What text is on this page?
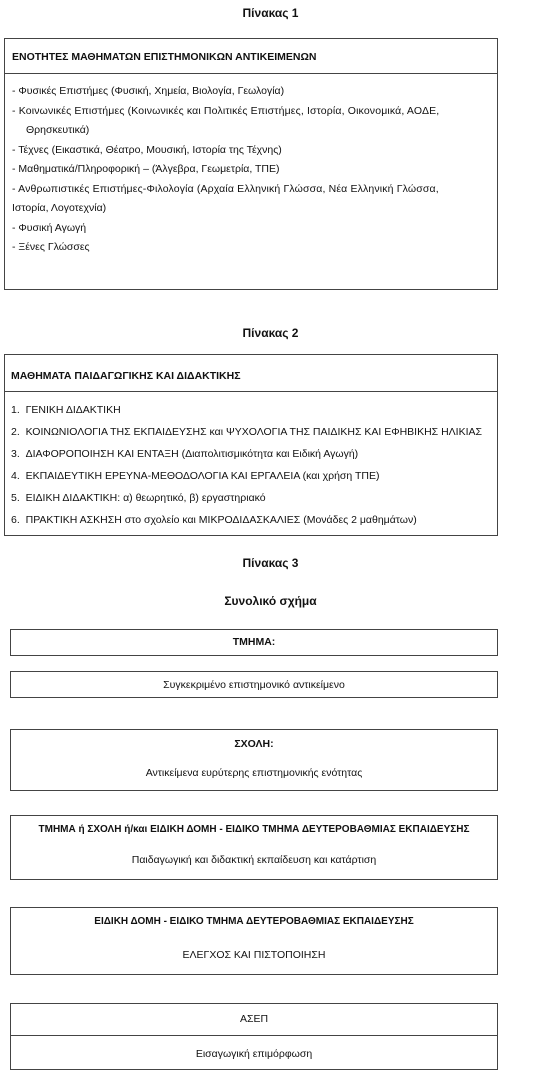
Πίνακας 1
ΕΝΟΤΗΤΕΣ ΜΑΘΗΜΑΤΩΝ ΕΠΙΣΤΗΜΟΝΙΚΩΝ ΑΝΤΙΚΕΙΜΕΝΩΝ
- Φυσικές Επιστήμες (Φυσική, Χημεία, Βιολογία, Γεωλογία)
- Κοινωνικές Επιστήμες (Κοινωνικές και Πολιτικές Επιστήμες, Ιστορία, Οικονομικά, ΑΟΔΕ,
Θρησκευτικά)
- Τέχνες (Εικαστικά, Θέατρο, Μουσική, Ιστορία της Τέχνης)
- Μαθηματικά/Πληροφορική – (Άλγεβρα, Γεωμετρία, ΤΠΕ)
- Ανθρωπιστικές Επιστήμες-Φιλολογία (Αρχαία Ελληνική Γλώσσα, Νέα Ελληνική Γλώσσα,
Ιστορία, Λογοτεχνία)
- Φυσική Αγωγή
- Ξένες Γλώσσες
Πίνακας 2
ΜΑΘΗΜΑΤΑ ΠΑΙΔΑΓΩΓΙΚΗΣ ΚΑΙ ΔΙΔΑΚΤΙΚΗΣ
1. ΓΕΝΙΚΗ ΔΙΔΑΚΤΙΚΗ
2. ΚΟΙΝΩΝΙΟΛΟΓΙΑ ΤΗΣ ΕΚΠΑΙΔΕΥΣΗΣ και ΨΥΧΟΛΟΓΙΑ ΤΗΣ ΠΑΙΔΙΚΗΣ ΚΑΙ ΕΦΗΒΙΚΗΣ ΗΛΙΚΙΑΣ
3. ΔΙΑΦΟΡΟΠΟΙΗΣΗ ΚΑΙ ΕΝΤΑΞΗ (Διαπολιτισμικότητα και Ειδική Αγωγή)
4. ΕΚΠΑΙΔΕΥΤΙΚΗ ΕΡΕΥΝΑ-ΜΕΘΟΔΟΛΟΓΙΑ ΚΑΙ ΕΡΓΑΛΕΙΑ (και χρήση ΤΠΕ)
5. ΕΙΔΙΚΗ ΔΙΔΑΚΤΙΚΗ: α) θεωρητικό, β) εργαστηριακό
6. ΠΡΑΚΤΙΚΗ ΑΣΚΗΣΗ στο σχολείο και ΜΙΚΡΟΔΙΔΑΣΚΑΛΙΕΣ (Μονάδες 2 μαθημάτων)
Πίνακας 3
Συνολικό σχήμα
ΤΜΗΜΑ:
Συγκεκριμένο επιστημονικό αντικείμενο
ΣΧΟΛΗ:
Αντικείμενα ευρύτερης επιστημονικής ενότητας
ΤΜΗΜΑ ή ΣΧΟΛΗ ή/και ΕΙΔΙΚΗ ΔΟΜΗ - ΕΙΔΙΚΟ ΤΜΗΜΑ ΔΕΥΤΕΡΟΒΑΘΜΙΑΣ ΕΚΠΑΙΔΕΥΣΗΣ
Παιδαγωγική και διδακτική εκπαίδευση και κατάρτιση
ΕΙΔΙΚΗ ΔΟΜΗ - ΕΙΔΙΚΟ ΤΜΗΜΑ ΔΕΥΤΕΡΟΒΑΘΜΙΑΣ ΕΚΠΑΙΔΕΥΣΗΣ
ΕΛΕΓΧΟΣ ΚΑΙ ΠΙΣΤΟΠΟΙΗΣΗ
ΑΣΕΠ
Εισαγωγική επιμόρφωση
